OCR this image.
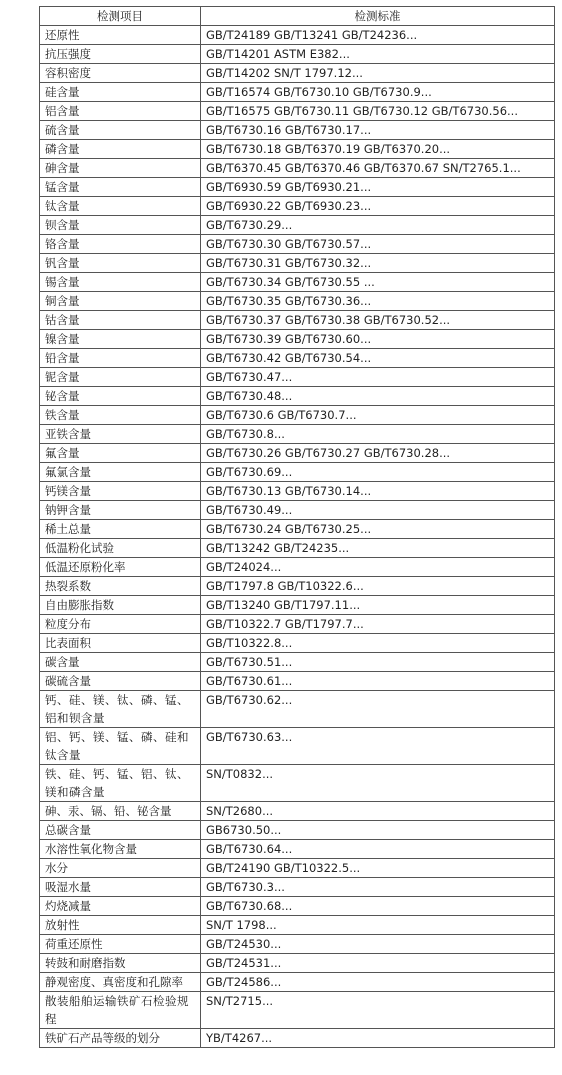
检测项目	检测标准
还原性	GB/T24189 GB/T13241 GB/T24236...
抗压强度	GB/T14201 ASTM E382...
容积密度	GB/T14202 SN/T 1797.12...
硅含量	GB/T16574 GB/T6730.10 GB/T6730.9...
铝含量	GB/T16575 GB/T6730.11 GB/T6730.12 GB/T6730.56...
硫含量	GB/T6730.16 GB/T6730.17...
磷含量	GB/T6730.18 GB/T6370.19 GB/T6370.20...
砷含量	GB/T6370.45 GB/T6370.46 GB/T6370.67 SN/T2765.1...
锰含量	GB/T6930.59 GB/T6930.21...
钛含量	GB/T6930.22 GB/T6930.23...
钡含量	GB/T6730.29...
铬含量	GB/T6730.30 GB/T6730.57...
钒含量	GB/T6730.31 GB/T6730.32...
锡含量	GB/T6730.34 GB/T6730.55 ...
铜含量	GB/T6730.35 GB/T6730.36...
钴含量	GB/T6730.37 GB/T6730.38 GB/T6730.52...
镍含量	GB/T6730.39 GB/T6730.60...
铅含量	GB/T6730.42 GB/T6730.54...
铌含量	GB/T6730.47...
铋含量	GB/T6730.48...
铁含量	GB/T6730.6 GB/T6730.7...
亚铁含量	GB/T6730.8...
氟含量	GB/T6730.26 GB/T6730.27 GB/T6730.28...
氟氯含量	GB/T6730.69...
钙镁含量	GB/T6730.13 GB/T6730.14...
钠钾含量	GB/T6730.49...
稀土总量	GB/T6730.24 GB/T6730.25...
低温粉化试验	GB/T13242 GB/T24235...
低温还原粉化率	GB/T24024...
热裂系数	GB/T1797.8 GB/T10322.6...
自由膨胀指数	GB/T13240 GB/T1797.11...
粒度分布	GB/T10322.7 GB/T1797.7...
比表面积	GB/T10322.8...
碳含量	GB/T6730.51...
碳硫含量	GB/T6730.61...
钙、硅、镁、钛、磷、锰、铝和钡含量	GB/T6730.62...
铝、钙、镁、锰、磷、硅和钛含量	GB/T6730.63...
铁、硅、钙、锰、铝、钛、镁和磷含量	SN/T0832...
砷、汞、镉、铅、铋含量	SN/T2680...
总碳含量	GB6730.50...
水溶性氧化物含量	GB/T6730.64...
水分	GB/T24190 GB/T10322.5...
吸湿水量	GB/T6730.3...
灼烧减量	GB/T6730.68...
放射性	SN/T 1798...
荷重还原性	GB/T24530...
转鼓和耐磨指数	GB/T24531...
静观密度、真密度和孔隙率	GB/T24586...
散装船舶运输铁矿石检验规程	SN/T2715...
铁矿石产品等级的划分	YB/T4267...
